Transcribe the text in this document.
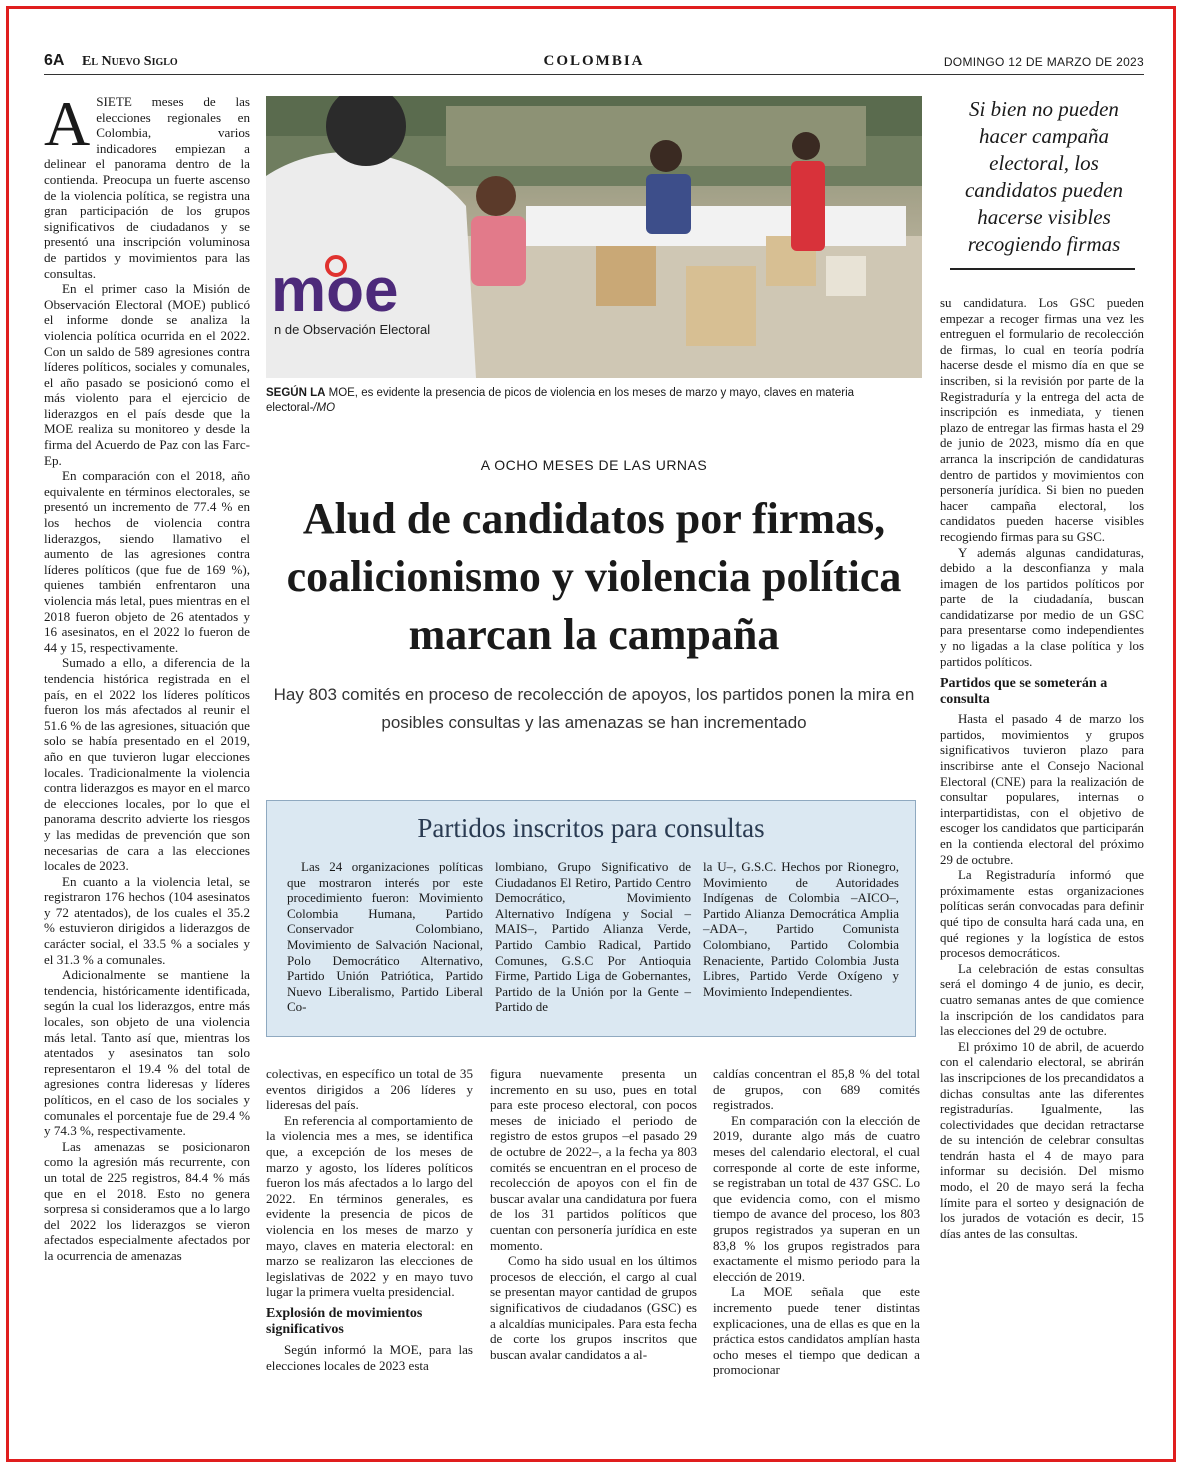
6A El Nuevo Siglo	COLOMBIA	DOMINGO 12 DE MARZO DE 2023
A SIETE meses de las elecciones regionales en Colombia, varios indicadores empiezan a delinear el panorama dentro de la contienda. Preocupa un fuerte ascenso de la violencia política, se registra una gran participación de los grupos significativos de ciudadanos y se presentó una inscripción voluminosa de partidos y movimientos para las consultas.

En el primer caso la Misión de Observación Electoral (MOE) publicó el informe donde se analiza la violencia política ocurrida en el 2022. Con un saldo de 589 agresiones contra líderes políticos, sociales y comunales, el año pasado se posicionó como el más violento para el ejercicio de liderazgos en el país desde que la MOE realiza su monitoreo y desde la firma del Acuerdo de Paz con las Farc-Ep.

En comparación con el 2018, año equivalente en términos electorales, se presentó un incremento de 77.4 % en los hechos de violencia contra liderazgos, siendo llamativo el aumento de las agresiones contra líderes políticos (que fue de 169 %), quienes también enfrentaron una violencia más letal, pues mientras en el 2018 fueron objeto de 26 atentados y 16 asesinatos, en el 2022 lo fueron de 44 y 15, respectivamente.

Sumado a ello, a diferencia de la tendencia histórica registrada en el país, en el 2022 los líderes políticos fueron los más afectados al reunir el 51.6 % de las agresiones, situación que solo se había presentado en el 2019, año en que tuvieron lugar elecciones locales. Tradicionalmente la violencia contra liderazgos es mayor en el marco de elecciones locales, por lo que el panorama descrito advierte los riesgos y las medidas de prevención que son necesarias de cara a las elecciones locales de 2023.

En cuanto a la violencia letal, se registraron 176 hechos (104 asesinatos y 72 atentados), de los cuales el 35.2 % estuvieron dirigidos a liderazgos de carácter social, el 33.5 % a sociales y el 31.3 % a comunales.

Adicionalmente se mantiene la tendencia, históricamente identificada, según la cual los liderazgos, entre más locales, son objeto de una violencia más letal. Tanto así que, mientras los atentados y asesinatos tan solo representaron el 19.4 % del total de agresiones contra lideresas y líderes políticos, en el caso de los sociales y comunales el porcentaje fue de 29.4 % y 74.3 %, respectivamente.

Las amenazas se posicionaron como la agresión más recurrente, con un total de 225 registros, 84.4 % más que en el 2018. Esto no genera sorpresa si consideramos que a lo largo del 2022 los liderazgos se vieron afectados especialmente afectados por la ocurrencia de amenazas

moe
n de Observación Electoral
SEGÚN LA MOE, es evidente la presencia de picos de violencia en los meses de marzo y mayo, claves en materia electoral-/MO
A OCHO MESES DE LAS URNAS
Alud de candidatos por firmas, coalicionismo y violencia política marcan la campaña
Hay 803 comités en proceso de recolección de apoyos, los partidos ponen la mira en posibles consultas y las amenazas se han incrementado
Partidos inscritos para consultas

Las 24 organizaciones políticas que mostraron interés por este procedimiento fueron: Movimiento Colombia Humana, Partido Conservador Colombiano, Movimiento de Salvación Nacional, Polo Democrático Alternativo, Partido Unión Patriótica, Partido Nuevo Liberalismo, Partido Liberal Co-

lombiano, Grupo Significativo de Ciudadanos El Retiro, Partido Centro Democrático, Movimiento Alternativo Indígena y Social –MAIS–, Partido Alianza Verde, Partido Cambio Radical, Partido Comunes, G.S.C Por Antioquia Firme, Partido Liga de Gobernantes, Partido de la Unión por la Gente –Partido de

la U–, G.S.C. Hechos por Rionegro, Movimiento de Autoridades Indígenas de Colombia –AICO–, Partido Alianza Democrática Amplia –ADA–, Partido Comunista Colombiano, Partido Colombia Renaciente, Partido Colombia Justa Libres, Partido Verde Oxígeno y Movimiento Independientes.

colectivas, en específico un total de 35 eventos dirigidos a 206 líderes y lideresas del país.

En referencia al comportamiento de la violencia mes a mes, se identifica que, a excepción de los meses de marzo y agosto, los líderes políticos fueron los más afectados a lo largo del 2022. En términos generales, es evidente la presencia de picos de violencia en los meses de marzo y mayo, claves en materia electoral: en marzo se realizaron las elecciones de legislativas de 2022 y en mayo tuvo lugar la primera vuelta presidencial.

Explosión de movimientos significativos

Según informó la MOE, para las elecciones locales de 2023 esta

figura nuevamente presenta un incremento en su uso, pues en total para este proceso electoral, con pocos meses de iniciado el periodo de registro de estos grupos –el pasado 29 de octubre de 2022–, a la fecha ya 803 comités se encuentran en el proceso de recolección de apoyos con el fin de buscar avalar una candidatura por fuera de los 31 partidos políticos que cuentan con personería jurídica en este momento.

Como ha sido usual en los últimos procesos de elección, el cargo al cual se presentan mayor cantidad de grupos significativos de ciudadanos (GSC) es a alcaldías municipales. Para esta fecha de corte los grupos inscritos que buscan avalar candidatos a al-

caldías concentran el 85,8 % del total de grupos, con 689 comités registrados.

En comparación con la elección de 2019, durante algo más de cuatro meses del calendario electoral, el cual corresponde al corte de este informe, se registraban un total de 437 GSC. Lo que evidencia como, con el mismo tiempo de avance del proceso, los 803 grupos registrados ya superan en un 83,8 % los grupos registrados para exactamente el mismo periodo para la elección de 2019.

La MOE señala que este incremento puede tener distintas explicaciones, una de ellas es que en la práctica estos candidatos amplían hasta ocho meses el tiempo que dedican a promocionar

Si bien no pueden hacer campaña electoral, los candidatos pueden hacerse visibles recogiendo firmas

su candidatura. Los GSC pueden empezar a recoger firmas una vez les entreguen el formulario de recolección de firmas, lo cual en teoría podría hacerse desde el mismo día en que se inscriben, si la revisión por parte de la Registraduría y la entrega del acta de inscripción es inmediata, y tienen plazo de entregar las firmas hasta el 29 de junio de 2023, mismo día en que arranca la inscripción de candidaturas dentro de partidos y movimientos con personería jurídica. Si bien no pueden hacer campaña electoral, los candidatos pueden hacerse visibles recogiendo firmas para su GSC.

Y además algunas candidaturas, debido a la desconfianza y mala imagen de los partidos políticos por parte de la ciudadanía, buscan candidatizarse por medio de un GSC para presentarse como independientes y no ligadas a la clase política y los partidos políticos.

Partidos que se someterán a consulta

Hasta el pasado 4 de marzo los partidos, movimientos y grupos significativos tuvieron plazo para inscribirse ante el Consejo Nacional Electoral (CNE) para la realización de consultar populares, internas o interpartidistas, con el objetivo de escoger los candidatos que participarán en la contienda electoral del próximo 29 de octubre.

La Registraduría informó que próximamente estas organizaciones políticas serán convocadas para definir qué tipo de consulta hará cada una, en qué regiones y la logística de estos procesos democráticos.

La celebración de estas consultas será el domingo 4 de junio, es decir, cuatro semanas antes de que comience la inscripción de los candidatos para las elecciones del 29 de octubre.

El próximo 10 de abril, de acuerdo con el calendario electoral, se abrirán las inscripciones de los precandidatos a dichas consultas ante las diferentes registradurías. Igualmente, las colectividades que decidan retractarse de su intención de celebrar consultas tendrán hasta el 4 de mayo para informar su decisión. Del mismo modo, el 20 de mayo será la fecha límite para el sorteo y designación de los jurados de votación es decir, 15 días antes de las consultas.
